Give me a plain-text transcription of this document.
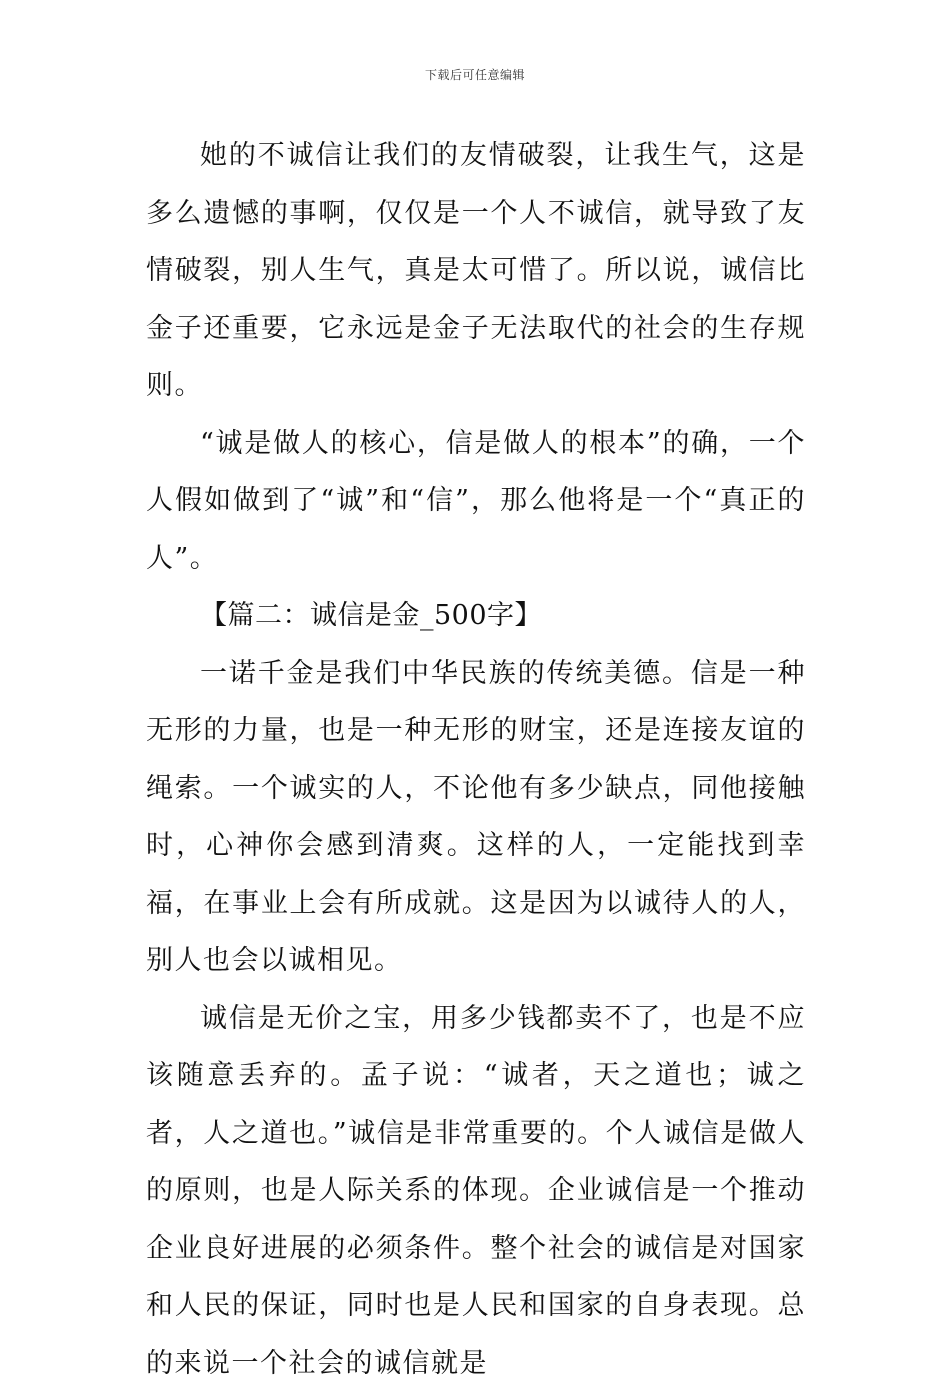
下载后可任意编辑

她的不诚信让我们的友情破裂，让我生气，这是多么遗憾的事啊，仅仅是一个人不诚信，就导致了友情破裂，别人生气，真是太可惜了。所以说，诚信比金子还重要，它永远是金子无法取代的社会的生存规则。

“诚是做人的核心，信是做人的根本”的确，一个人假如做到了“诚”和“信”，那么他将是一个“真正的人”。

【篇二：诚信是金_500字】

一诺千金是我们中华民族的传统美德。信是一种无形的力量，也是一种无形的财宝，还是连接友谊的绳索。一个诚实的人，不论他有多少缺点，同他接触时，心神你会感到清爽。这样的人，一定能找到幸福，在事业上会有所成就。这是因为以诚待人的人，别人也会以诚相见。

诚信是无价之宝，用多少钱都卖不了，也是不应该随意丢弃的。孟子说：“诚者，天之道也；诚之者，人之道也。”诚信是非常重要的。个人诚信是做人的原则，也是人际关系的体现。企业诚信是一个推动企业良好进展的必须条件。整个社会的诚信是对国家和人民的保证，同时也是人民和国家的自身表现。总的来说一个社会的诚信就是
